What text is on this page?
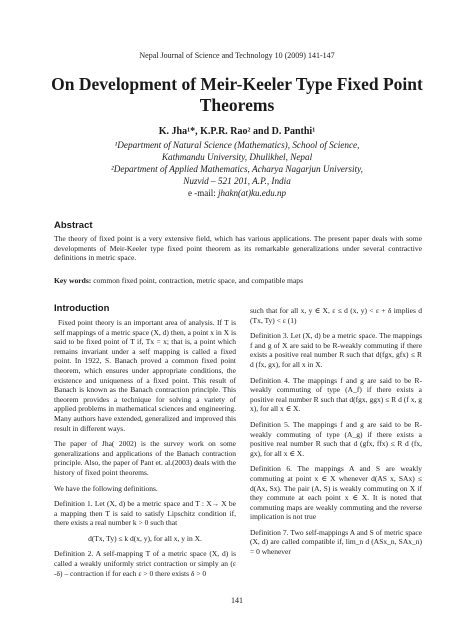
Nepal Journal of Science and Technology 10 (2009) 141-147
On Development of Meir-Keeler Type Fixed Point Theorems
K. Jha¹*, K.P.R. Rao² and D. Panthi¹
¹Department of Natural Science (Mathematics), School of Science,
Kathmandu University, Dhulikhel, Nepal
²Department of Applied Mathematics, Acharya Nagarjun University,
Nuzvid – 521 201, A.P., India
e -mail: jhakn(at)ku.edu.np
Abstract
The theory of fixed point is a very extensive field, which has various applications. The present paper deals with some developments of Meir-Keeler type fixed point theorem as its remarkable generalizations under several contractive definitions in metric space.
Key words: common fixed point, contraction, metric space, and compatible maps
Introduction

Fixed point theory is an important area of analysis. If T is self mappings of a metric space (X, d) then, a point x in X is said to be fixed point of T if, Tx = x; that is, a point which remains invariant under a self mapping is called a fixed point. In 1922, S. Banach proved a common fixed point theorem, which ensures under appropriate conditions, the existence and uniqueness of a fixed point. This result of Banach is known as the Banach contraction principle. This theorem provides a technique for solving a variety of applied problems in mathematical sciences and engineering. Many authors have extended, generalized and improved this result in different ways.

The paper of Jha( 2002) is the survey work on some generalizations and applications of the Banach contraction principle. Also, the paper of Pant et. al.(2003) deals with the history of fixed point theorems.

We have the following definitions.

Definition 1. Let (X, d) be a metric space and T : X→ X be a mapping then T is said to satisfy Lipschitz condition if, there exists a real number k > 0 such that

d(Tx, Ty) ≤ k d(x, y), for all x, y in X.

Definition 2. A self-mapping T of a metric space (X, d) is called a weakly uniformly strict contraction or simply an (ε -δ) – contraction if for each ε > 0 there exists δ > 0

such that for all x, y ∈ X, ε ≤ d (x, y) < ε + δ implies d (Tx, Ty) < ε (1)

Definition 3. Let (X, d) be a metric space. The mappings f and g of X are said to be R-weakly commuting if there exists a positive real number R such that d(fgx, gfx) ≤ R d (fx, gx), for all x in X.

Definition 4. The mappings f and g are said to be R-weakly commuting of type (A_f) if there exists a positive real number R such that d(fgx, ggx) ≤ R d (f x, g x), for all x ∈ X.

Definition 5. The mappings f and g are said to be R-weakly commuting of type (A_g) if there exists a positive real number R such that d (gfx, ffx) ≤ R d (fx, gx), for all x ∈ X.

Definition 6. The mappings A and S are weakly commuting at point x ∈ X whenever d(AS x, SAx) ≤ d(Ax, Sx). The pair (A, S) is weakly commuting on X if they commute at each point x ∈ X. It is noted that commuting maps are weakly commuting and the reverse implication is not true

Definition 7. Two self-mappings A and S of metric space (X, d) are called compatible if, lim_n d (ASx_n, SAx_n) = 0 whenever

141
